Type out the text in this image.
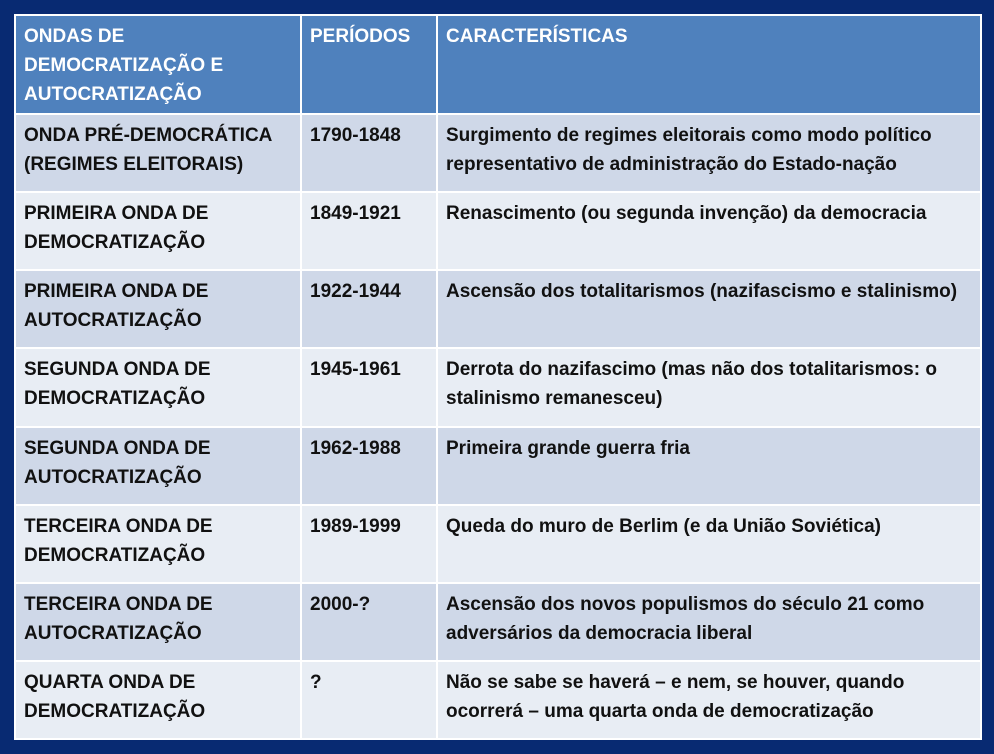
ONDAS DE DEMOCRATIZAÇÃO E AUTOCRATIZAÇÃO	PERÍODOS	CARACTERÍSTICAS
ONDA PRÉ-DEMOCRÁTICA (REGIMES ELEITORAIS)	1790-1848	Surgimento de regimes eleitorais como modo político representativo de administração do Estado-nação
PRIMEIRA ONDA DE DEMOCRATIZAÇÃO	1849-1921	Renascimento (ou segunda invenção) da democracia
PRIMEIRA ONDA DE AUTOCRATIZAÇÃO	1922-1944	Ascensão dos totalitarismos (nazifascismo e stalinismo)
SEGUNDA ONDA DE DEMOCRATIZAÇÃO	1945-1961	Derrota do nazifascimo (mas não dos totalitarismos: o stalinismo remanesceu)
SEGUNDA ONDA DE AUTOCRATIZAÇÃO	1962-1988	Primeira grande guerra fria
TERCEIRA ONDA DE DEMOCRATIZAÇÃO	1989-1999	Queda do muro de Berlim (e da União Soviética)
TERCEIRA ONDA DE AUTOCRATIZAÇÃO	2000-?	Ascensão dos novos populismos do século 21 como adversários da democracia liberal
QUARTA ONDA DE DEMOCRATIZAÇÃO	?	Não se sabe se haverá – e nem, se houver, quando ocorrerá – uma quarta onda de democratização
